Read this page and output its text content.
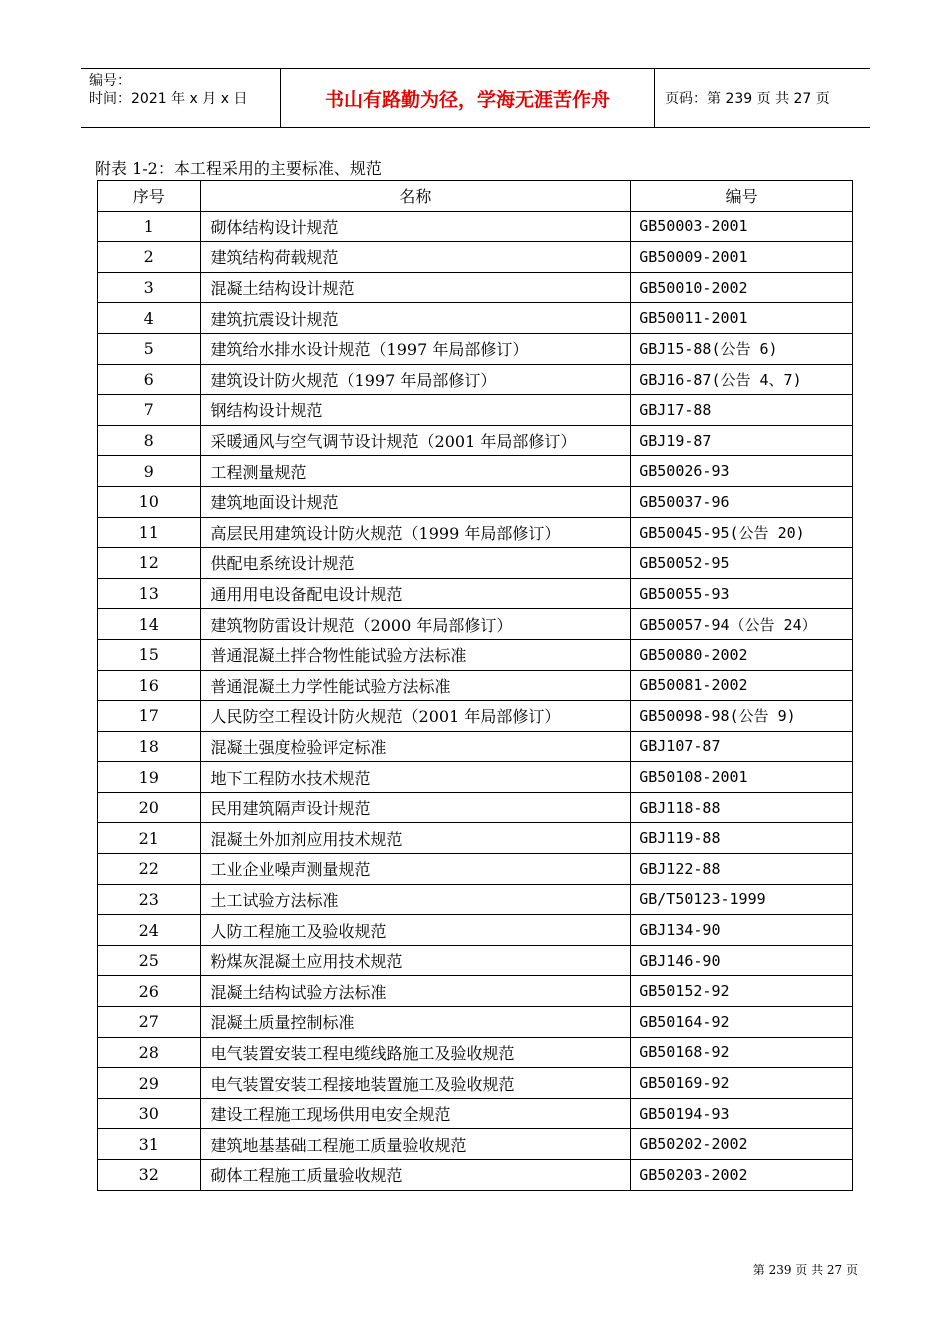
编号：
时间：2021 年 x 月 x 日	书山有路勤为径，学海无涯苦作舟	页码：第 239 页 共 27 页
附表 1-2：本工程采用的主要标准、规范
序号	名称	编号
1	砌体结构设计规范	GB50003-2001
2	建筑结构荷载规范	GB50009-2001
3	混凝土结构设计规范	GB50010-2002
4	建筑抗震设计规范	GB50011-2001
5	建筑给水排水设计规范（1997 年局部修订）	GBJ15-88(公告 6)
6	建筑设计防火规范（1997 年局部修订）	GBJ16-87(公告 4、7)
7	钢结构设计规范	GBJ17-88
8	采暖通风与空气调节设计规范（2001 年局部修订）	GBJ19-87
9	工程测量规范	GB50026-93
10	建筑地面设计规范	GB50037-96
11	高层民用建筑设计防火规范（1999 年局部修订）	GB50045-95(公告 20)
12	供配电系统设计规范	GB50052-95
13	通用用电设备配电设计规范	GB50055-93
14	建筑物防雷设计规范（2000 年局部修订）	GB50057-94（公告 24）
15	普通混凝土拌合物性能试验方法标准	GB50080-2002
16	普通混凝土力学性能试验方法标准	GB50081-2002
17	人民防空工程设计防火规范（2001 年局部修订）	GB50098-98(公告 9)
18	混凝土强度检验评定标准	GBJ107-87
19	地下工程防水技术规范	GB50108-2001
20	民用建筑隔声设计规范	GBJ118-88
21	混凝土外加剂应用技术规范	GBJ119-88
22	工业企业噪声测量规范	GBJ122-88
23	土工试验方法标准	GB/T50123-1999
24	人防工程施工及验收规范	GBJ134-90
25	粉煤灰混凝土应用技术规范	GBJ146-90
26	混凝土结构试验方法标准	GB50152-92
27	混凝土质量控制标准	GB50164-92
28	电气装置安装工程电缆线路施工及验收规范	GB50168-92
29	电气装置安装工程接地装置施工及验收规范	GB50169-92
30	建设工程施工现场供用电安全规范	GB50194-93
31	建筑地基基础工程施工质量验收规范	GB50202-2002
32	砌体工程施工质量验收规范	GB50203-2002
第 239 页 共 27 页
